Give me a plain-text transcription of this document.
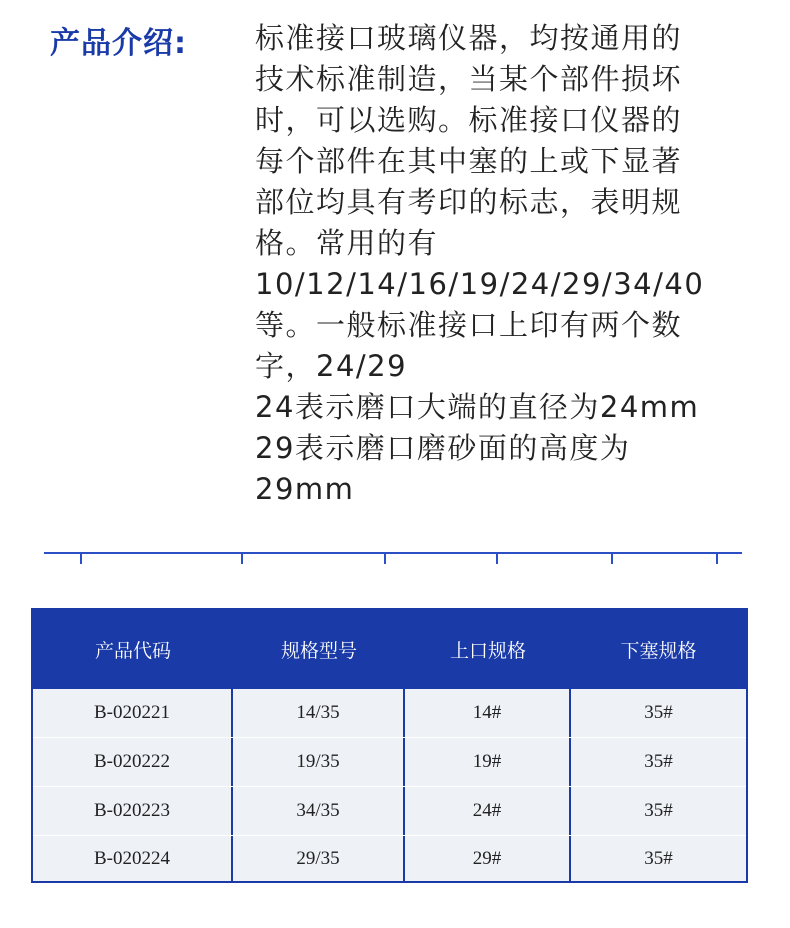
产品介绍: 标准接口玻璃仪器，均按通用的
技术标准制造，当某个部件损坏
时，可以选购。标准接口仪器的
每个部件在其中塞的上或下显著
部位均具有考印的标志，表明规
格。常用的有
10/12/14/16/19/24/29/34/40
等。一般标准接口上印有两个数
字，24/29
24表示磨口大端的直径为24mm
29表示磨口磨砂面的高度为
29mm
产品代码	规格型号	上口规格	下塞规格
B-020221	14/35	14#	35#
B-020222	19/35	19#	35#
B-020223	34/35	24#	35#
B-020224	29/35	29#	35#
